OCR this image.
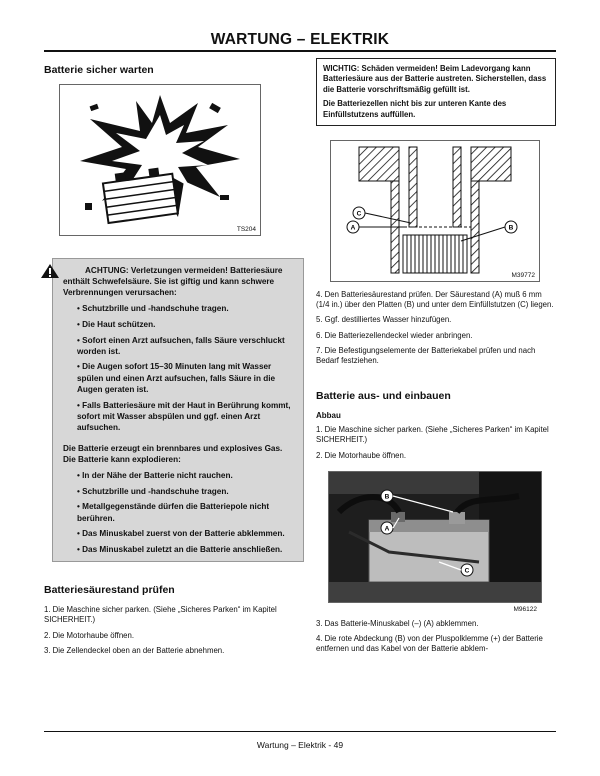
WARTUNG – ELEKTRIK
Batterie sicher warten
TS204

ACHTUNG: Verletzungen vermeiden! Batteriesäure enthält Schwefelsäure. Sie ist giftig und kann schwere Verbrennungen verursachen:

• Schutzbrille und -handschuhe tragen.

• Die Haut schützen.

• Sofort einen Arzt aufsuchen, falls Säure verschluckt worden ist.

• Die Augen sofort 15–30 Minuten lang mit Wasser spülen und einen Arzt aufsuchen, falls Säure in die Augen geraten ist.

• Falls Batteriesäure mit der Haut in Berührung kommt, sofort mit Wasser abspülen und ggf. einen Arzt aufsuchen.

Die Batterie erzeugt ein brennbares und explosives Gas. Die Batterie kann explodieren:

• In der Nähe der Batterie nicht rauchen.

• Schutzbrille und -handschuhe tragen.

• Metallgegenstände dürfen die Batteriepole nicht berühren.

• Das Minuskabel zuerst von der Batterie abklemmen.

• Das Minuskabel zuletzt an die Batterie anschließen.

Batteriesäurestand prüfen

1. Die Maschine sicher parken. (Siehe „Sicheres Parken“ im Kapitel SICHERHEIT.)

2. Die Motorhaube öffnen.

3. Die Zellendeckel oben an der Batterie abnehmen.

WICHTIG: Schäden vermeiden! Beim Ladevorgang kann Batteriesäure aus der Batterie austreten. Sicherstellen, dass die Batterie vorschriftsmäßig gefüllt ist.

Die Batteriezellen nicht bis zur unteren Kante des Einfüllstutzens auffüllen.

C
A	B
M39772

4. Den Batteriesäurestand prüfen. Der Säurestand (A) muß 6 mm (1/4 in.) über den Platten (B) und unter dem Einfüllstutzen (C) liegen.

5. Ggf. destilliertes Wasser hinzufügen.

6. Die Batteriezellendeckel wieder anbringen.

7. Die Befestigungselemente der Batteriekabel prüfen und nach Bedarf festziehen.

Batterie aus- und einbauen

Abbau

1. Die Maschine sicher parken. (Siehe „Sicheres Parken“ im Kapitel SICHERHEIT.)

2. Die Motorhaube öffnen.

B
A
C
M96122

3. Das Batterie-Minuskabel (–) (A) abklemmen.

4. Die rote Abdeckung (B) von der Pluspolklemme (+) der Batterie entfernen und das Kabel von der Batterie abklem-

Wartung – Elektrik - 49
